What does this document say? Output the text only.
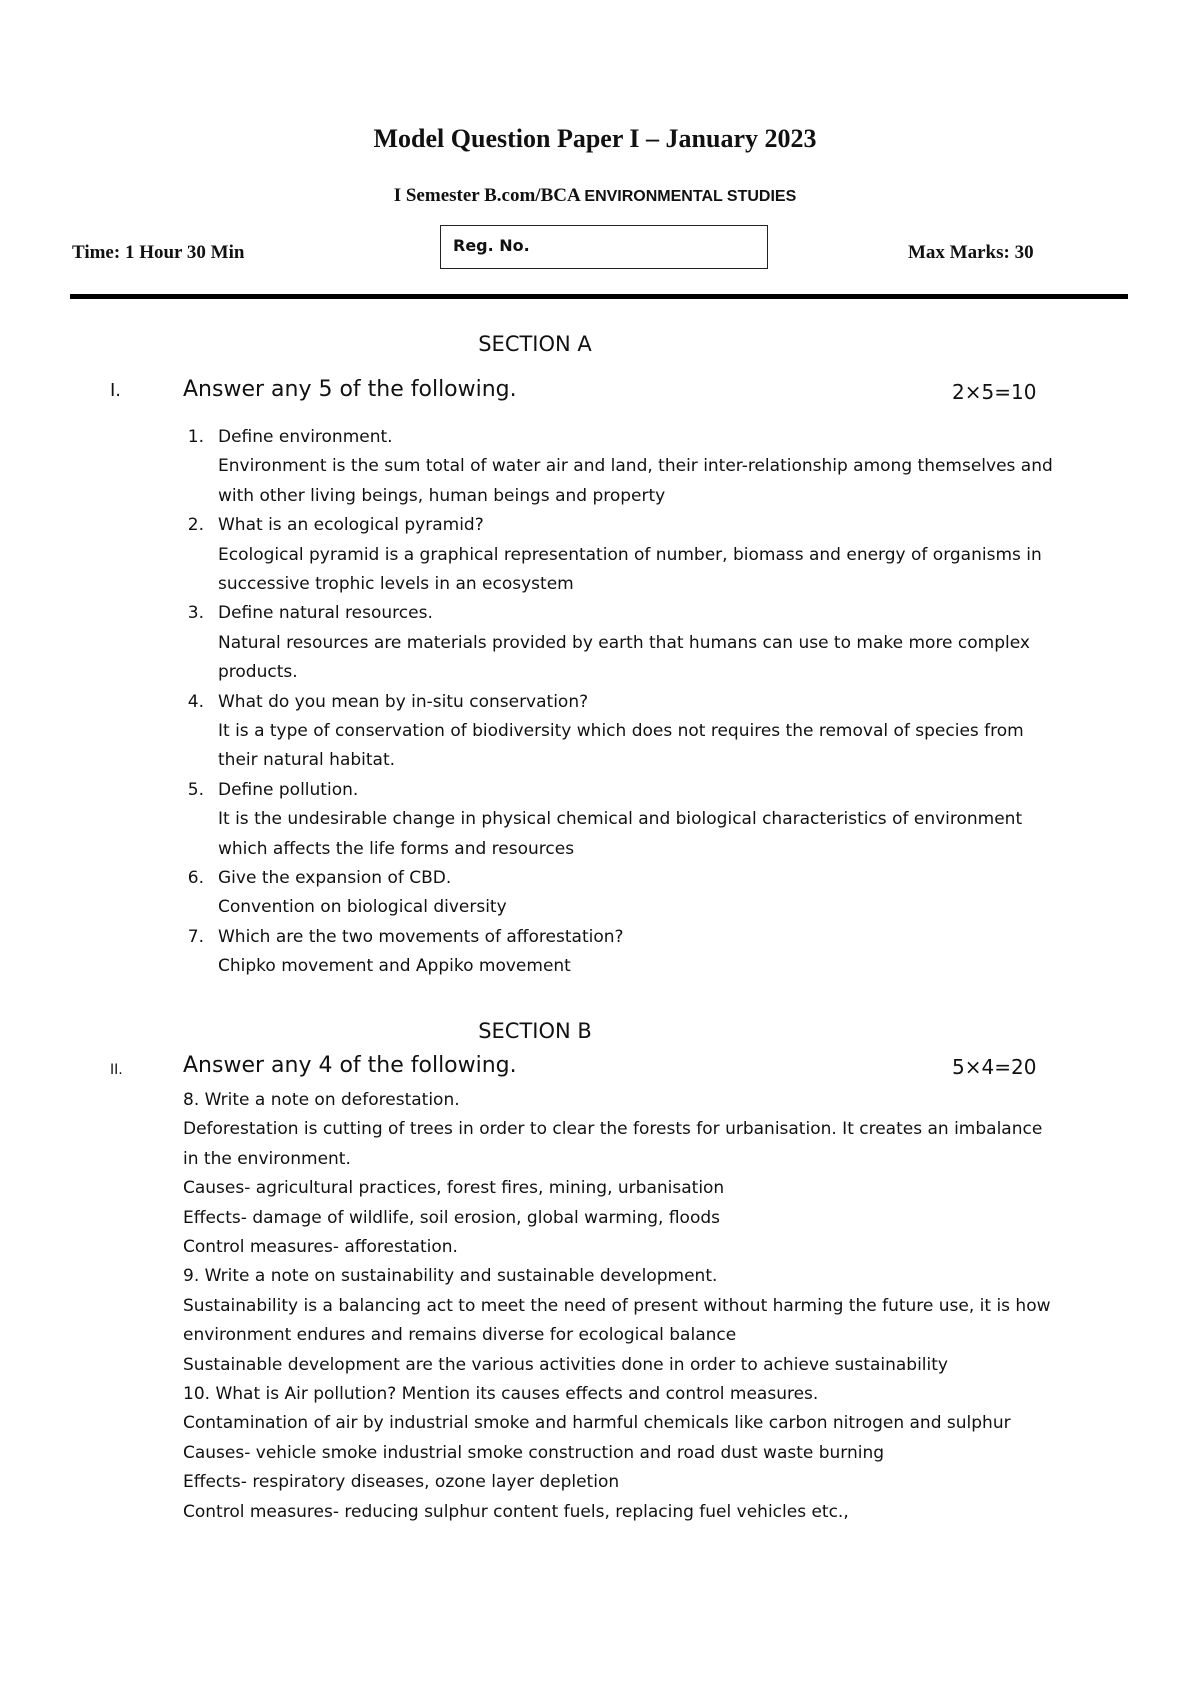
Model Question Paper I – January 2023
I Semester B.com/BCA ENVIRONMENTAL STUDIES
Time: 1 Hour 30 Min	Reg. No.	Max Marks: 30
SECTION A
I.	Answer any 5 of the following.	2×5=10
1. Define environment.
Environment is the sum total of water air and land, their inter-relationship among themselves and
with other living beings, human beings and property
2. What is an ecological pyramid?
Ecological pyramid is a graphical representation of number, biomass and energy of organisms in
successive trophic levels in an ecosystem
3. Define natural resources.
Natural resources are materials provided by earth that humans can use to make more complex
products.
4. What do you mean by in-situ conservation?
It is a type of conservation of biodiversity which does not requires the removal of species from
their natural habitat.
5. Define pollution.
It is the undesirable change in physical chemical and biological characteristics of environment
which affects the life forms and resources
6. Give the expansion of CBD.
Convention on biological diversity
7. Which are the two movements of afforestation?
Chipko movement and Appiko movement
SECTION B
II.	Answer any 4 of the following.	5×4=20
8. Write a note on deforestation.
Deforestation is cutting of trees in order to clear the forests for urbanisation. It creates an imbalance
in the environment.
Causes- agricultural practices, forest fires, mining, urbanisation
Effects- damage of wildlife, soil erosion, global warming, floods
Control measures- afforestation.
9. Write a note on sustainability and sustainable development.
Sustainability is a balancing act to meet the need of present without harming the future use, it is how
environment endures and remains diverse for ecological balance
Sustainable development are the various activities done in order to achieve sustainability
10. What is Air pollution? Mention its causes effects and control measures.
Contamination of air by industrial smoke and harmful chemicals like carbon nitrogen and sulphur
Causes- vehicle smoke industrial smoke construction and road dust waste burning
Effects- respiratory diseases, ozone layer depletion
Control measures- reducing sulphur content fuels, replacing fuel vehicles etc.,
